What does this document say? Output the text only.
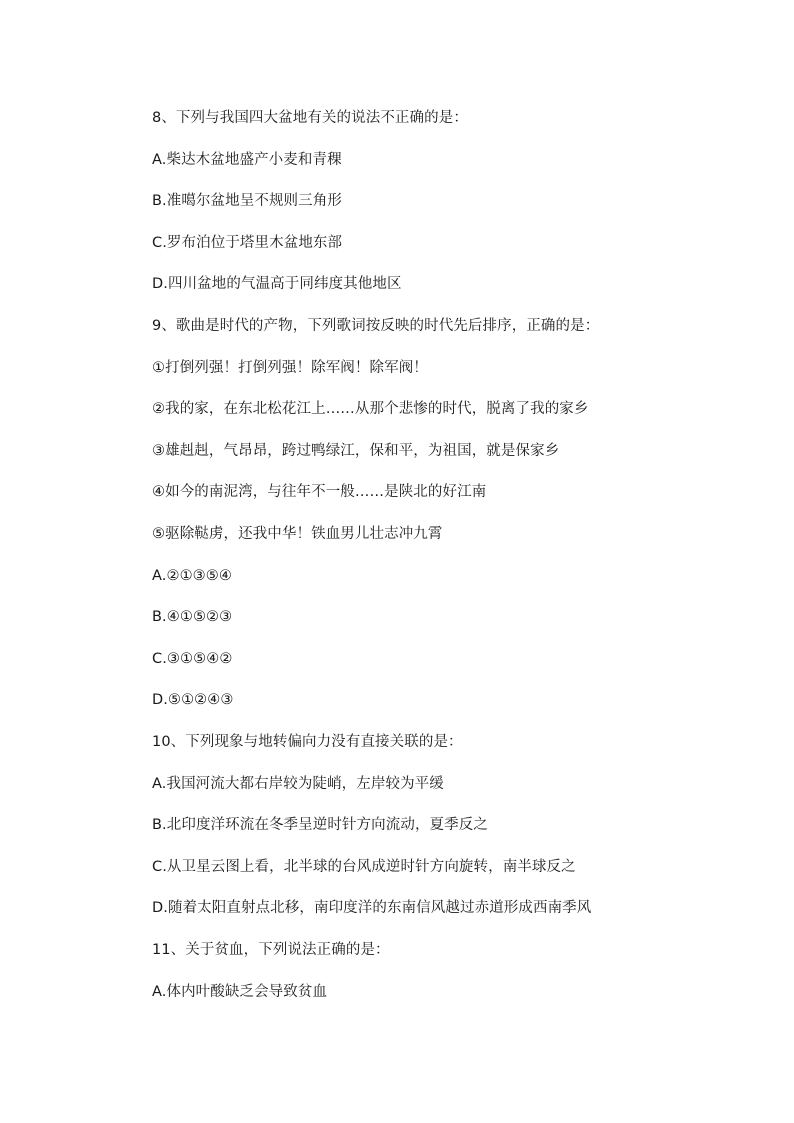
8、下列与我国四大盆地有关的说法不正确的是：
A.柴达木盆地盛产小麦和青稞
B.准噶尔盆地呈不规则三角形
C.罗布泊位于塔里木盆地东部
D.四川盆地的气温高于同纬度其他地区
9、歌曲是时代的产物，下列歌词按反映的时代先后排序，正确的是：
①打倒列强！打倒列强！除军阀！除军阀！
②我的家，在东北松花江上……从那个悲惨的时代，脱离了我的家乡
③雄赳赳，气昂昂，跨过鸭绿江，保和平，为祖国，就是保家乡
④如今的南泥湾，与往年不一般……是陕北的好江南
⑤驱除鞑虏，还我中华！铁血男儿壮志冲九霄
A.②①③⑤④
B.④①⑤②③
C.③①⑤④②
D.⑤①②④③
10、下列现象与地转偏向力没有直接关联的是：
A.我国河流大都右岸较为陡峭，左岸较为平缓
B.北印度洋环流在冬季呈逆时针方向流动，夏季反之
C.从卫星云图上看，北半球的台风成逆时针方向旋转，南半球反之
D.随着太阳直射点北移，南印度洋的东南信风越过赤道形成西南季风
11、关于贫血，下列说法正确的是：
A.体内叶酸缺乏会导致贫血
